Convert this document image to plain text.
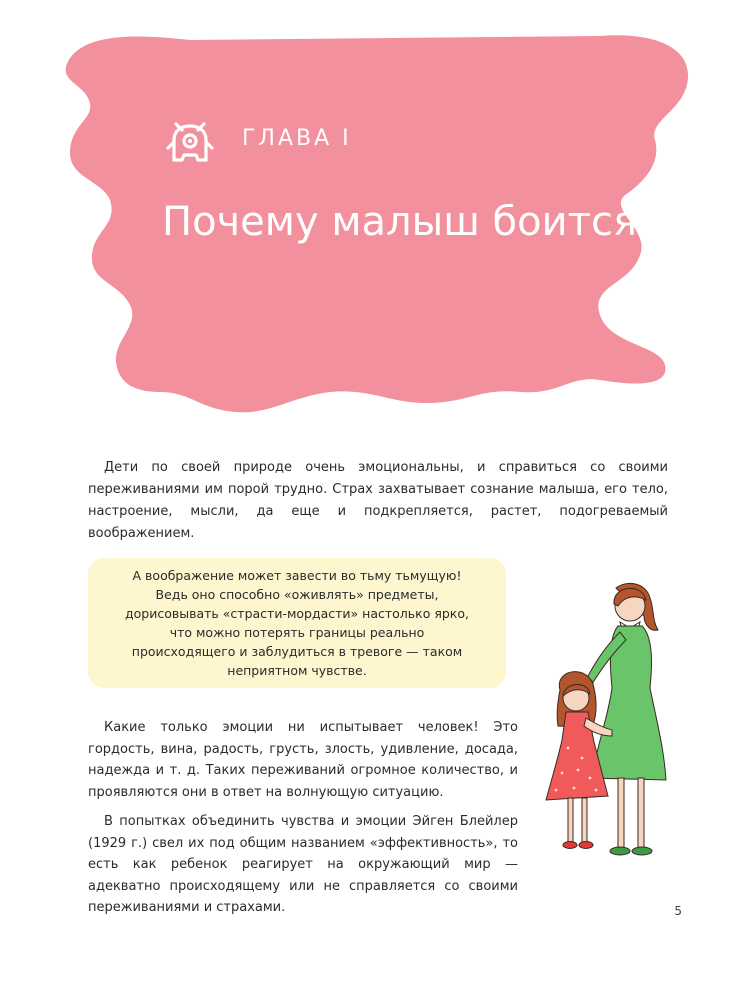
ГЛАВА I
Почему малыш боится

Дети по своей природе очень эмоциональны, и справиться со своими переживаниями им порой трудно. Страх захватывает сознание малыша, его тело, настроение, мысли, да еще и подкрепляется, растет, подогреваемый воображением.

А воображение может завести во тьму тьмущую! Ведь оно способно «оживлять» предметы, дорисовывать «страсти-мордасти» настолько ярко, что можно потерять границы реально происходящего и заблудиться в тревоге — таком неприятном чувстве.

Какие только эмоции ни испытывает человек! Это гордость, вина, радость, грусть, злость, удивление, досада, надежда и т. д. Таких переживаний огромное количество, и проявляются они в ответ на волнующую ситуацию.

В попытках объединить чувства и эмоции Эйген Блейлер (1929 г.) свел их под общим названием «эффективность», то есть как ребенок реагирует на окружающий мир — адекватно происходящему или не справляется со своими переживаниями и страхами.	5
